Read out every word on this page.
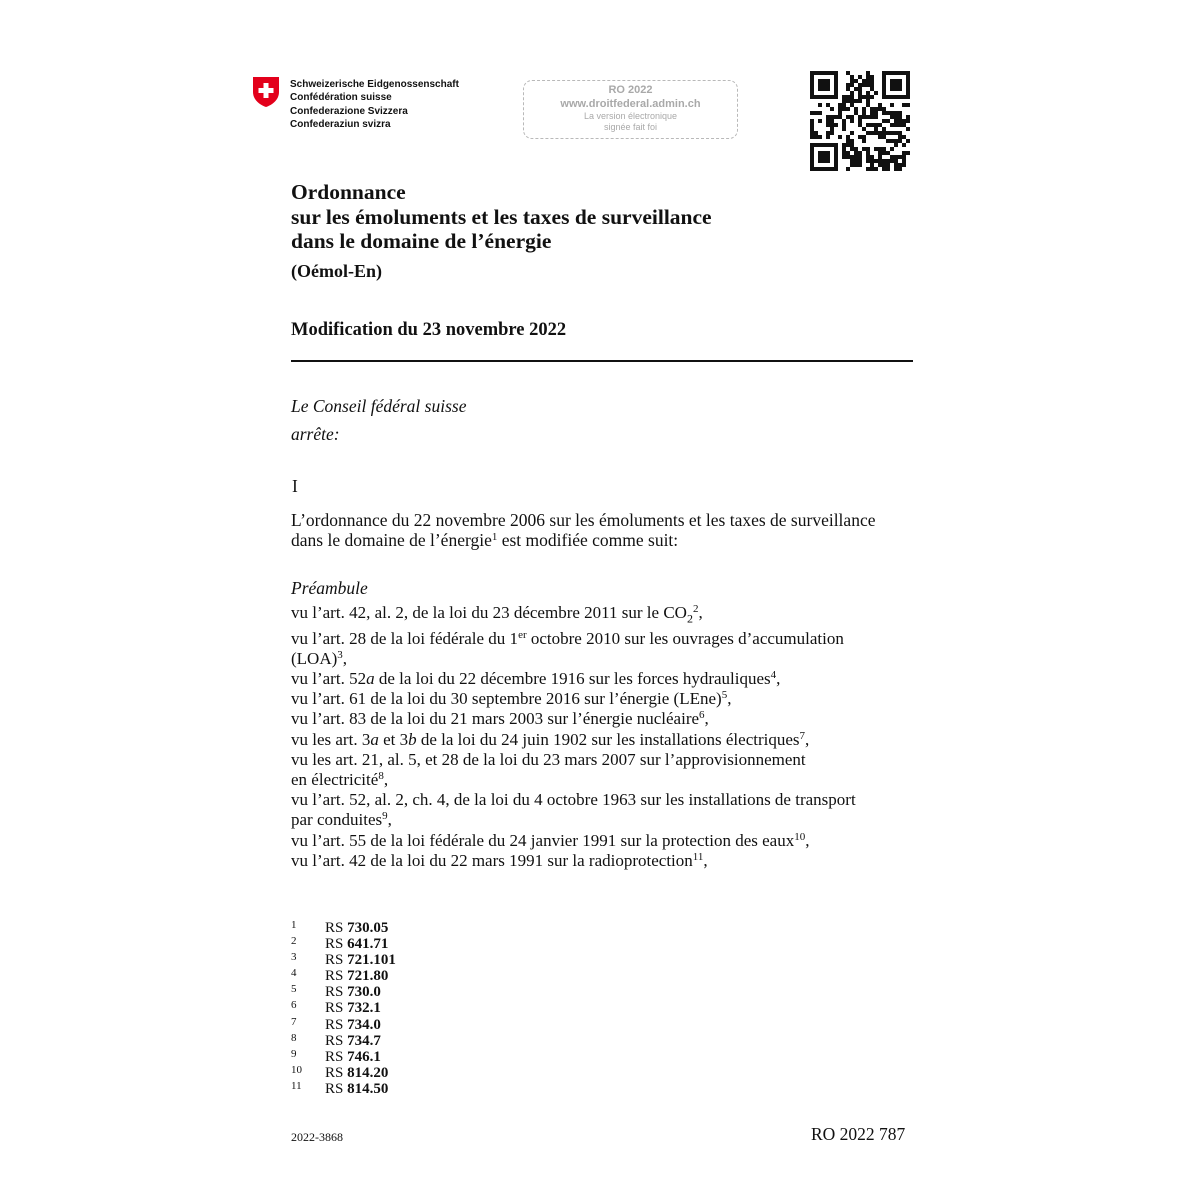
Schweizerische Eidgenossenschaft
Confédération suisse
Confederazione Svizzera
Confederaziun svizra
RO 2022
www.droitfederal.admin.ch
La version électronique
signée fait foi
Ordonnance
sur les émoluments et les taxes de surveillance
dans le domaine de l’énergie
(Oémol-En)
Modification du 23 novembre 2022
Le Conseil fédéral suisse
arrête:
I
L’ordonnance du 22 novembre 2006 sur les émoluments et les taxes de surveillance
dans le domaine de l’énergie$^1$ est modifiée comme suit:
Préambule
vu l’art. 42, al. 2, de la loi du 23 décembre 2011 sur le $CO_2^2$,
vu l’art. 28 de la loi fédérale du 1er octobre 2010 sur les ouvrages d’accumulation
(LOA)$^3$,
vu l’art. 52a de la loi du 22 décembre 1916 sur les forces hydrauliques$^4$,
vu l’art. 61 de la loi du 30 septembre 2016 sur l’énergie (LEne)$^5$,
vu l’art. 83 de la loi du 21 mars 2003 sur l’énergie nucléaire$^6$,
vu les art. 3a et 3b de la loi du 24 juin 1902 sur les installations électriques$^7$,
vu les art. 21, al. 5, et 28 de la loi du 23 mars 2007 sur l’approvisionnement
en électricité$^8$,
vu l’art. 52, al. 2, ch. 4, de la loi du 4 octobre 1963 sur les installations de transport
par conduites$^9$,
vu l’art. 55 de la loi fédérale du 24 janvier 1991 sur la protection des eaux$^{10}$,
vu l’art. 42 de la loi du 22 mars 1991 sur la radioprotection$^{11}$,
1	RS 730.05
2	RS 641.71
3	RS 721.101
4	RS 721.80
5	RS 730.0
6	RS 732.1
7	RS 734.0
8	RS 734.7
9	RS 746.1
10	RS 814.20
11	RS 814.50
2022-3868	RO 2022 787
